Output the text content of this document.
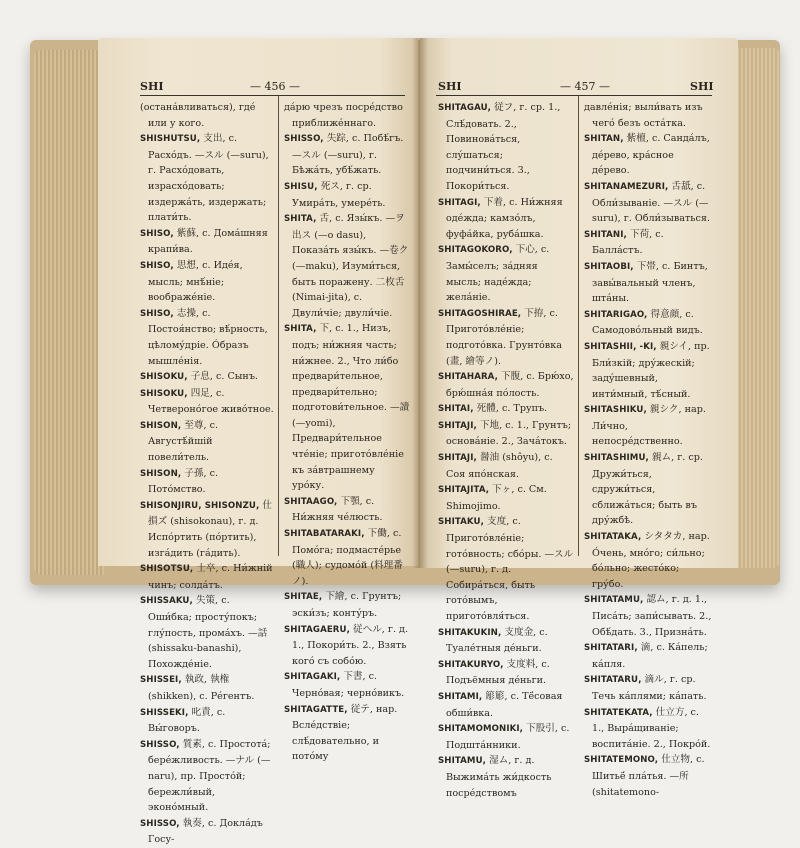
SHI	— 456 —	SHI	— 457 —	SHI

(остана́вливаться), где́ или у кого.

SHISHUTSU, 支出, с. Расхо́дъ. —スル (—suru), г. Расхо́довать, израсхо́довать; издержа́ть, издержать; плати́ть.

SHISO, 紫蘇, с. Дома́шняя крапи́ва.

SHISO, 思想, с. Иде́я, мысль; мнѣ́ніе; воображе́ніе.

SHISO, 志操, с. Постоя́нство; вѣ́рность, цѣлому́дріе. Óбразъ мышле́нія.

SHISOKU, 子息, с. Сынъ.

SHISOKU, 四足, с. Четвероно́гое живо́тное.

SHISON, 至尊, с. Августѣ́йшій повели́тель.

SHISON, 子孫, с. Пото́мство.

SHISONJIRU, SHISONZU, 仕損ズ (shisokonau), г. д. Испо́ртить (по́ртить), изга́дить (га́дить).

SHISOTSU, 士卒, с. Ни́жній чинъ; солда́тъ.

SHISSAKU, 失策, с. Оши́бка; просту́покъ; глу́пость, прома́хъ. —話 (shissaku-banashi), Похожде́ніе.

SHISSEI, 執政, 執権 (shikken), с. Ре́гентъ.

SHISSEKI, 叱責, с. Вы́говоръ.

SHISSO, 質素, с. Простота́; бере́жливость. —ナル (—naru), пр. Просто́й; бережли́вый, эконо́мный.

SHISSO, 執奏, с. Докла́дъ Госу-

да́рю чрезъ посре́дство приближе́ннаго.

SHISSO, 失踪, с. Побѣ́гъ. —スル (—suru), г. Бѣжа́ть, убѣ́жать.

SHISU, 死ス, г. ср. Умира́ть, умере́ть.

SHITA, 舌, с. Язы́къ. —ヲ出ス (—o dasu), Показа́ть язы́къ. —卷ク (—maku), Изуми́ться, быть поражену. 二枚舌 (Nimai-jita), с. Двули́чіе; двули́чіе.

SHITA, 下, с. 1., Низъ, подъ; ни́жняя часть; ни́жнее. 2., Что ли́бо предвари́тельное, предвари́тельно; подготови́тельное. —讀 (—yomi), Предвари́тельное чте́ніе; пригото́вле́ніе къ за́втрашнему уро́ку.

SHITAAGO, 下顎, с. Ни́жняя че́люсть.

SHITABATARAKI, 下働, с. Помо́га; подмасте́рье (職人); судомо́й (料理番ノ).

SHITAE, 下繪, с. Грунтъ; эски́зъ; конту́ръ.

SHITAGAERU, 従ヘル, г. д. 1., Покори́ть. 2., Взять кого́ съ собо́ю.

SHITAGAKI, 下書, с. Черно́вая; черно́викъ.

SHITAGATTE, 従テ, нар. Всле́дствіе; слѣ́довательно, и пото́му

SHITAGAU, 従フ, г. ср. 1., Слѣ́довать. 2., Повинова́ться, слу́шаться; подчини́ться. 3., Покори́ться.

SHITAGI, 下着, с. Ни́жняя оде́жда; камзо́лъ, фуфа́йка, руба́шка.

SHITAGOKORO, 下心, с. Замы́селъ; за́дняя мысль; наде́жда; жела́ніе.

SHITAGOSHIRAE, 下拵, с. Пригото́вле́ніе; подгото́вка. Грунто́вка (畫, 繪等ノ).

SHITAHARA, 下腹, с. Брю́хо, брю́шна́я по́лость.

SHITAI, 死體, с. Трупъ.

SHITAJI, 下地, с. 1., Грунтъ; основа́ніе. 2., Зача́токъ.

SHITAJI, 醤油 (shôyu), с. Соя япо́нская.

SHITAJITA, 下ヶ, с. См. Shimojimo.

SHITAKU, 支度, с. Пригото́вле́ніе; гото́вность; сбо́ры. —スル (—suru), г. д. Собира́ться, быть гото́вымъ, пригото́вля́ться.

SHITAKUKIN, 支度金, с. Туале́тныя де́ньги.

SHITAKURYO, 支度料, с. Подъёмныя де́ньги.

SHITAMI, 簓簓, с. Тё́совая обши́вка.

SHITAMOMONIKI, 下股引, с. Подшта́нники.

SHITAMU, 湿ム, г. д. Выжима́ть жи́дкость посре́дствомъ

давле́нія; выли́вать изъ чего́ безъ оста́тка.

SHITAN, 紫檀, с. Санда́лъ, де́рево, кра́сное де́рево.

SHITANAMEZURI, 舌舐, с. Обли́зываніе. —スル (—suru), г. Обли́зываться.

SHITANI, 下荷, с. Балла́стъ.

SHITAOBI, 下帯, с. Бинтъ, завы́вальный членъ, шта́ны.

SHITARIGAO, 得意顔, с. Самодово́льный видъ.

SHITASHII, -KI, 親シイ, пр. Бли́зкій; дру́жескій; заду́шевный, инти́мный, тѣ́сный.

SHITASHIKU, 親シク, нар. Ли́чно, непосре́дственно.

SHITASHIMU, 親ム, г. ср. Дружи́ться, сдружи́ться, сближа́ться; быть въ дру́жбѣ.

SHITATAKA, シタタカ, нар. О́чень, мно́го; си́льно; бо́льно; жесто́ко; гру́бо.

SHITATAMU, 認ム, г. д. 1., Писа́ть; запи́сывать. 2., Обѣ́дать. 3., Призна́ть.

SHITATARI, 滴, с. Ка́пель; ка́пля.

SHITATARU, 滴ル, г. ср. Течь ка́плями; ка́пать.

SHITATEKATA, 仕立方, с. 1., Выра́щиваніе; воспита́ніе. 2., Покро́й.

SHITATEMONO, 仕立物, с. Шитьё́ пла́тья. —所 (shitatemono-
